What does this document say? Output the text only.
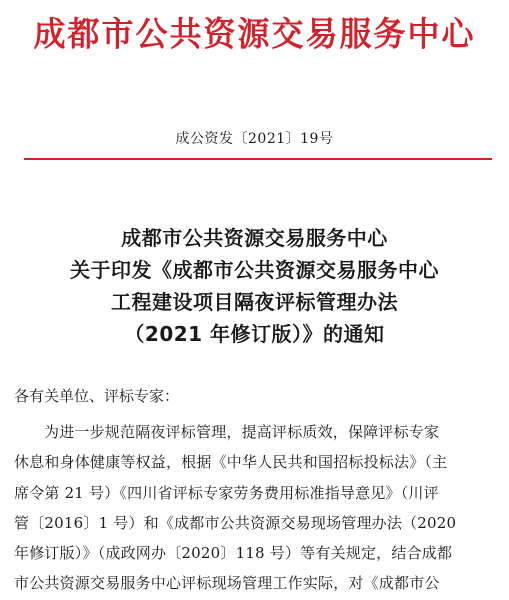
成都市公共资源交易服务中心
成公资发〔2021〕19号
成都市公共资源交易服务中心
关于印发《成都市公共资源交易服务中心
工程建设项目隔夜评标管理办法
（2021 年修订版）》的通知
各有关单位、评标专家：
为进一步规范隔夜评标管理，提高评标质效，保障评标专家
休息和身体健康等权益，根据《中华人民共和国招标投标法》（主
席令第 21 号）《四川省评标专家劳务费用标准指导意见》（川评
管〔2016〕1 号）和《成都市公共资源交易现场管理办法（2020
年修订版）》（成政网办〔2020〕118 号）等有关规定，结合成都
市公共资源交易服务中心评标现场管理工作实际，对《成都市公
